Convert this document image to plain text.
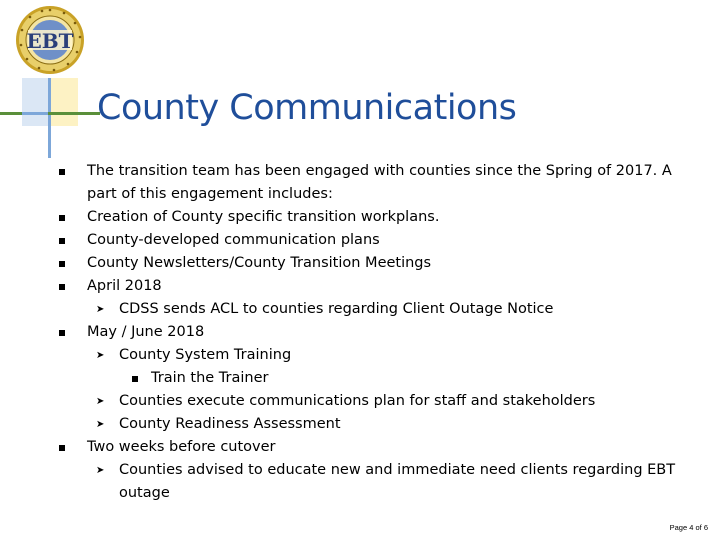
EBT
County Communications
The transition team has been engaged with counties since the Spring of 2017. A part of this engagement includes:
Creation of County specific transition workplans.
County-developed communication plans
County Newsletters/County Transition Meetings
April 2018
➤ CDSS sends ACL to counties regarding Client Outage Notice
May / June 2018
➤ County System Training
Train the Trainer
➤ Counties execute communications plan for staff and stakeholders
➤ County Readiness Assessment
Two weeks before cutover
➤ Counties advised to educate new and immediate need clients regarding EBT outage
Page 4 of 6
